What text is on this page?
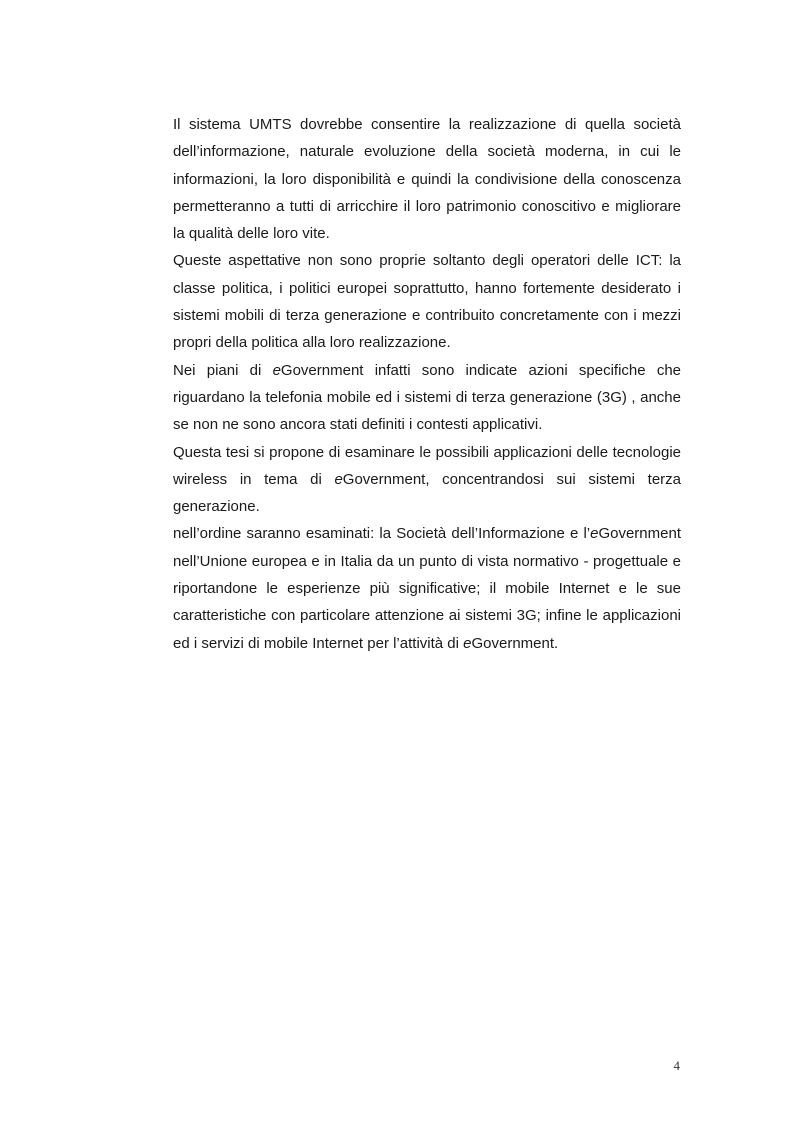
Il sistema UMTS dovrebbe consentire la realizzazione di quella società dell’informazione, naturale evoluzione della società moderna, in cui le informazioni, la loro disponibilità e quindi la condivisione della conoscenza permetteranno a tutti di arricchire il loro patrimonio conoscitivo e migliorare la qualità delle loro vite.

Queste aspettative non sono proprie soltanto degli operatori delle ICT: la classe politica, i politici europei soprattutto, hanno fortemente desiderato i sistemi mobili di terza generazione e contribuito concretamente con i mezzi propri della politica alla loro realizzazione.

Nei piani di eGovernment infatti sono indicate azioni specifiche che riguardano la telefonia mobile ed i sistemi di terza generazione (3G) , anche se non ne sono ancora stati definiti i contesti applicativi.

Questa tesi si propone di esaminare le possibili applicazioni delle tecnologie wireless in tema di eGovernment, concentrandosi sui sistemi terza generazione.

nell’ordine saranno esaminati: la Società dell’Informazione e l’eGovernment nell’Unione europea e in Italia da un punto di vista normativo - progettuale e riportandone le esperienze più significative; il mobile Internet e le sue caratteristiche con particolare attenzione ai sistemi 3G; infine le applicazioni ed i servizi di mobile Internet per l’attività di eGovernment.

4
